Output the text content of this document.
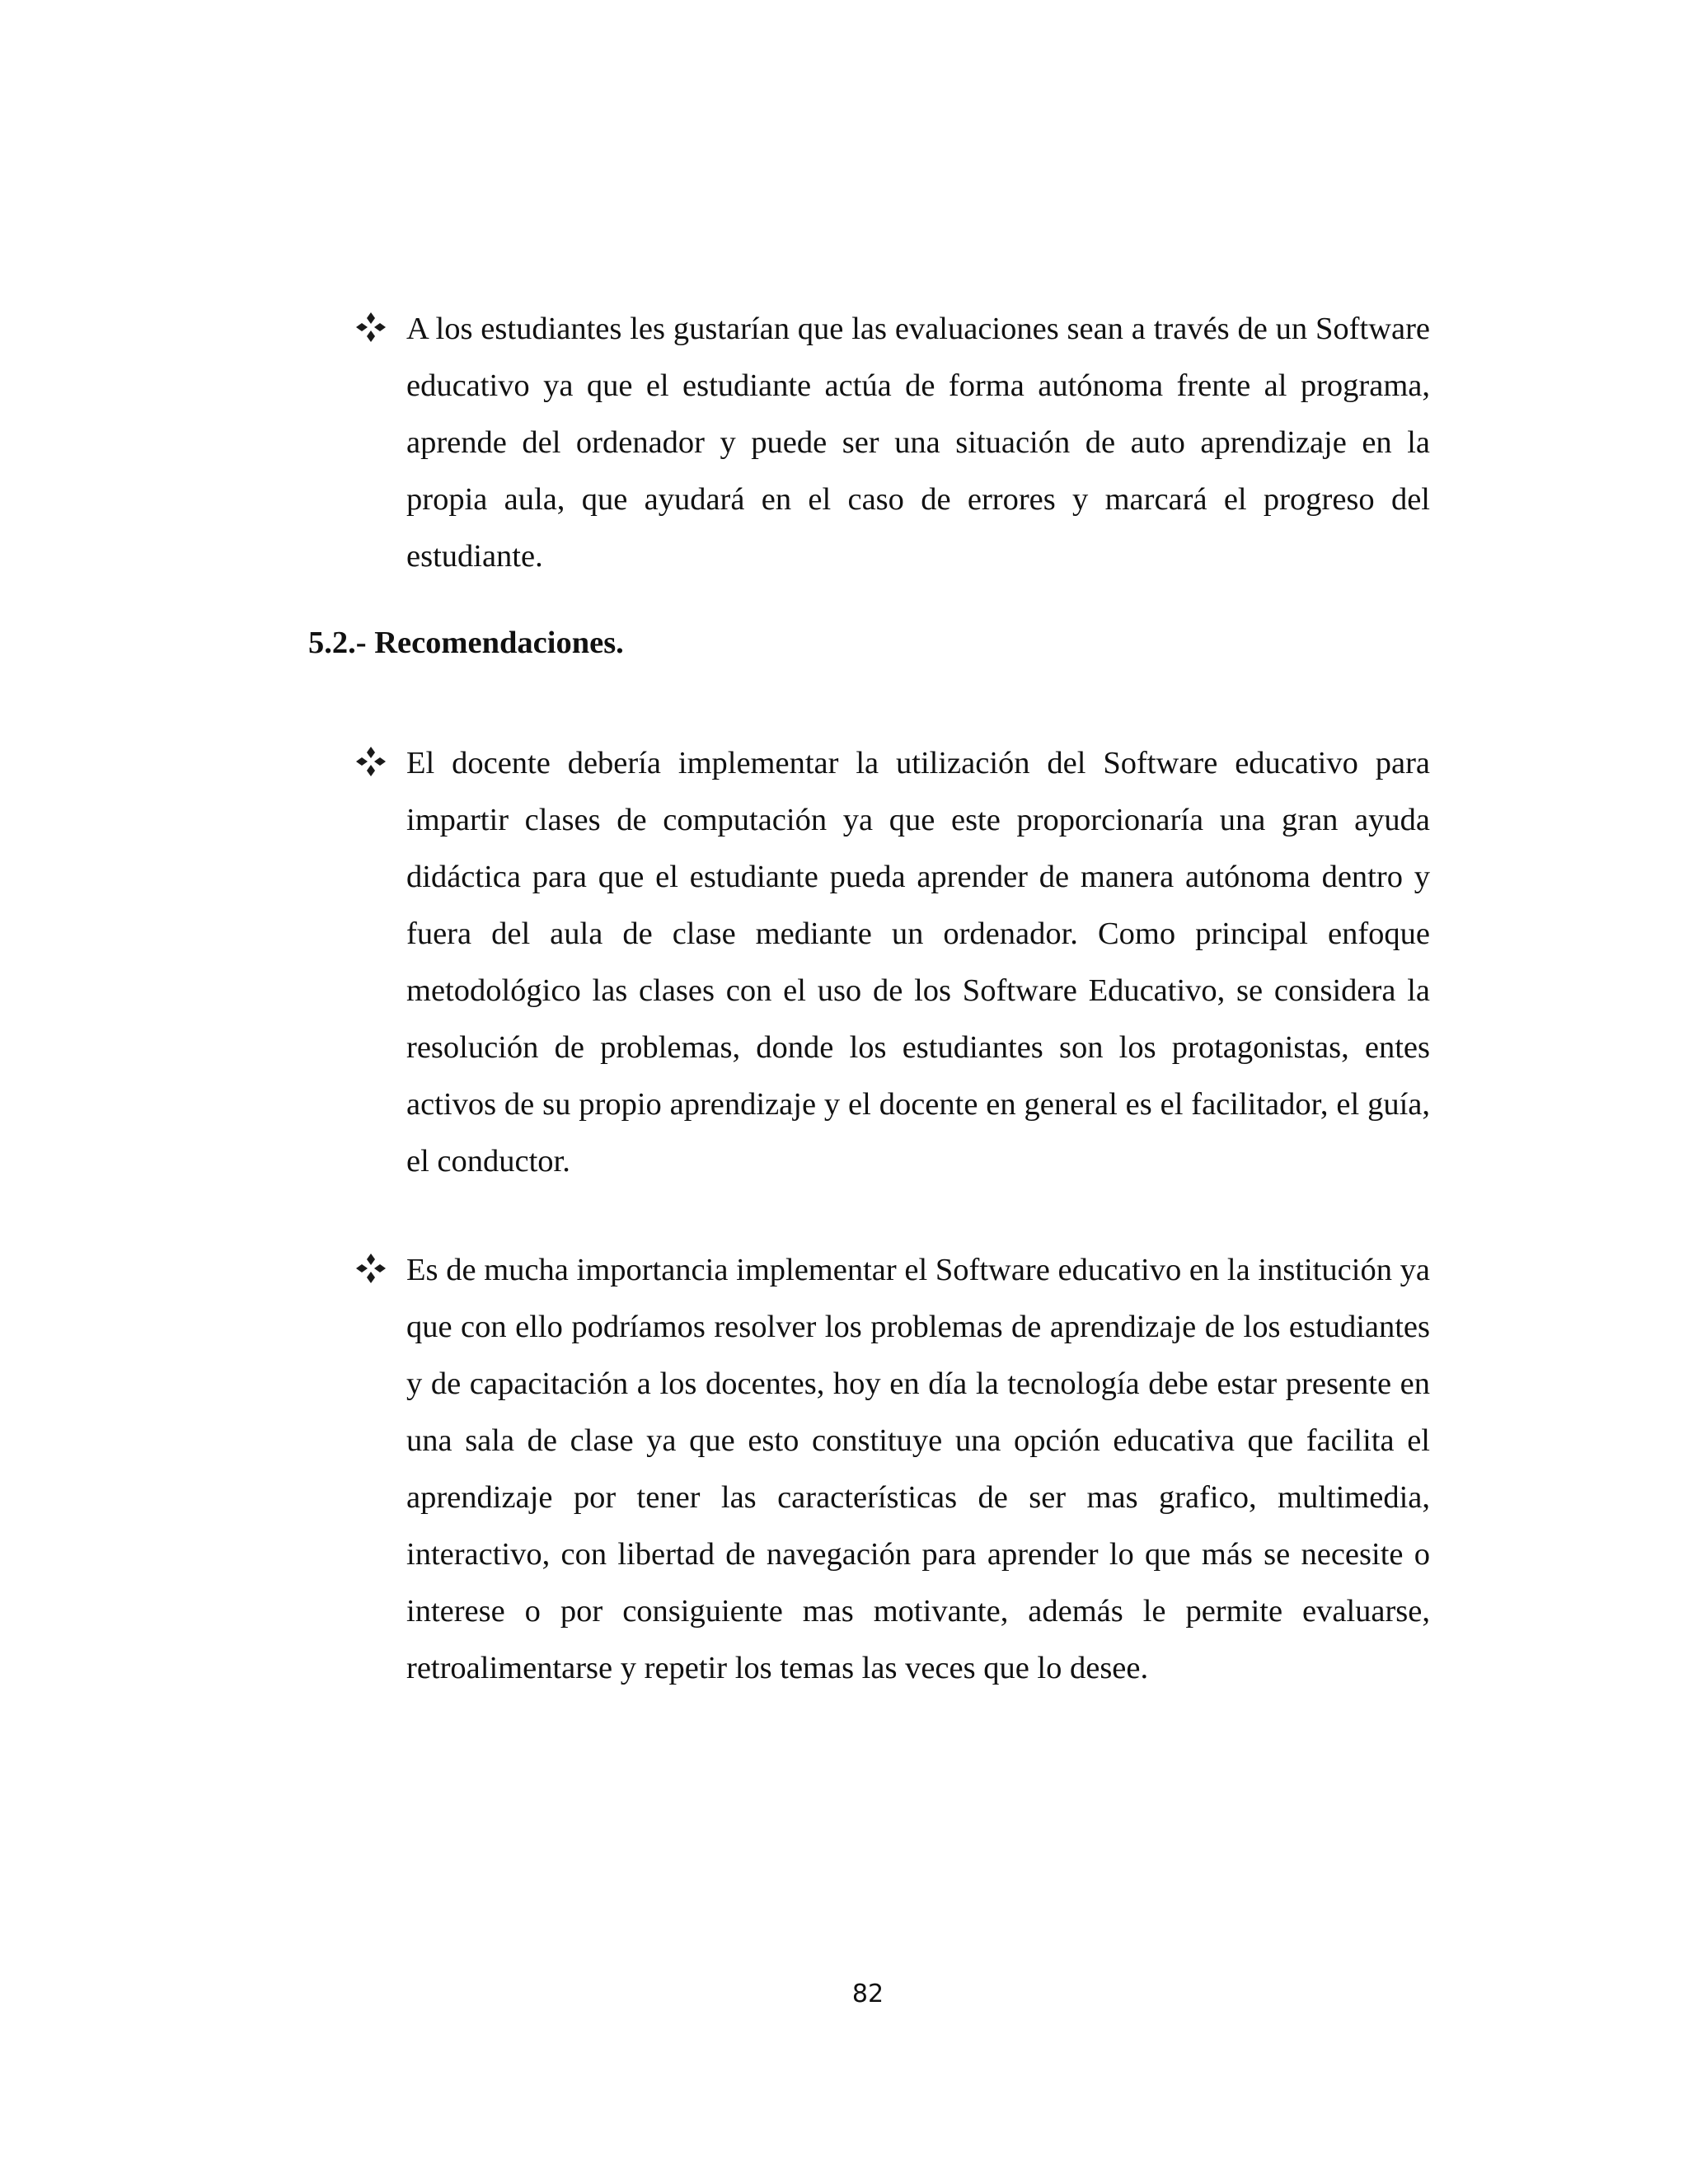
A los estudiantes les gustarían que las evaluaciones sean a través de un Software educativo ya que el estudiante actúa de forma autónoma frente al programa, aprende del ordenador y puede ser una situación de auto aprendizaje en la propia aula, que ayudará en el caso de errores y marcará el progreso del estudiante.

5.2.- Recomendaciones.

El docente debería implementar la utilización del Software educativo para impartir clases de computación ya que este proporcionaría una gran ayuda didáctica para que el estudiante pueda aprender de manera autónoma dentro y fuera del aula de clase mediante un ordenador. Como principal enfoque metodológico las clases con el uso de los Software Educativo, se considera la resolución de problemas, donde los estudiantes son los protagonistas, entes activos de su propio aprendizaje y el docente en general es el facilitador, el guía, el conductor.

Es de mucha importancia implementar el Software educativo en la institución ya que con ello podríamos resolver los problemas de aprendizaje de los estudiantes y de capacitación a los docentes, hoy en día la tecnología debe estar presente en una sala de clase ya que esto constituye una opción educativa que facilita el aprendizaje por tener las características de ser mas grafico, multimedia, interactivo, con libertad de navegación para aprender lo que más se necesite o interese o por consiguiente mas motivante, además le permite evaluarse, retroalimentarse y repetir los temas las veces que lo desee.

82
